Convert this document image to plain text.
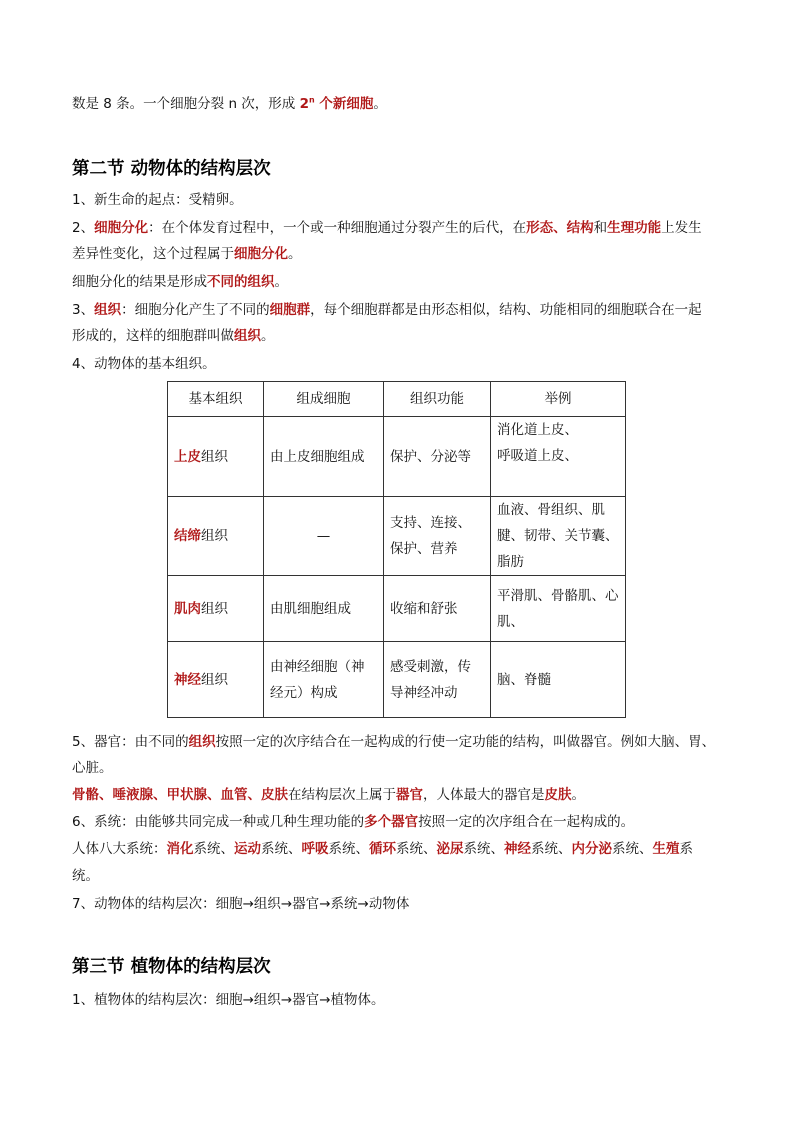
数是 8 条。一个细胞分裂 n 次，形成 2$^n$ 个新细胞。
第二节 动物体的结构层次
1、新生命的起点：受精卵。
2、细胞分化：在个体发育过程中，一个或一种细胞通过分裂产生的后代，在形态、结构和生理功能上发生
差异性变化，这个过程属于细胞分化。
细胞分化的结果是形成不同的组织。
3、组织：细胞分化产生了不同的细胞群，每个细胞群都是由形态相似，结构、功能相同的细胞联合在一起
形成的，这样的细胞群叫做组织。
4、动物体的基本组织。
基本组织	组成细胞	组织功能	举例
上皮组织	由上皮细胞组成	保护、分泌等	消化道上皮、
呼吸道上皮、

结缔组织	—	支持、连接、保护、营养	血液、骨组织、肌腱、韧带、关节囊、脂肪
肌肉组织	由肌细胞组成	收缩和舒张	平滑肌、骨骼肌、心肌、
神经组织	由神经细胞（神经元）构成	感受刺激，传导神经冲动	脑、脊髓
5、器官：由不同的组织按照一定的次序结合在一起构成的行使一定功能的结构，叫做器官。例如大脑、胃、
心脏。
骨骼、唾液腺、甲状腺、血管、皮肤在结构层次上属于器官，人体最大的器官是皮肤。
6、系统：由能够共同完成一种或几种生理功能的多个器官按照一定的次序组合在一起构成的。
人体八大系统：消化系统、运动系统、呼吸系统、循环系统、泌尿系统、神经系统、内分泌系统、生殖系
统。
7、动物体的结构层次：细胞→组织→器官→系统→动物体
第三节 植物体的结构层次
1、植物体的结构层次：细胞→组织→器官→植物体。
